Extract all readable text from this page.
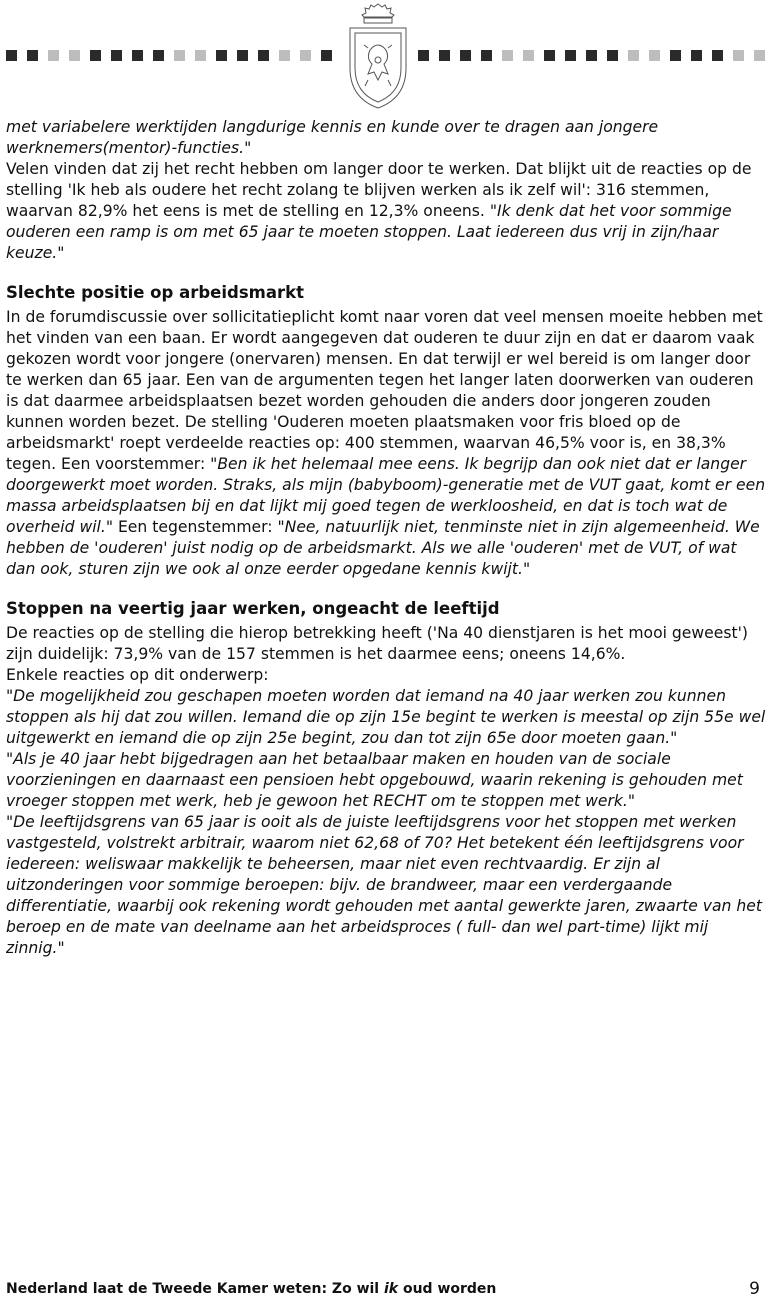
met variabelere werktijden langdurige kennis en kunde over te dragen aan jongere werknemers(mentor)-functies."

Velen vinden dat zij het recht hebben om langer door te werken. Dat blijkt uit de reacties op de stelling 'Ik heb als oudere het recht zolang te blijven werken als ik zelf wil': 316 stemmen, waarvan 82,9% het eens is met de stelling en 12,3% oneens. "Ik denk dat het voor sommige ouderen een ramp is om met 65 jaar te moeten stoppen. Laat iedereen dus vrij in zijn/haar keuze."

Slechte positie op arbeidsmarkt

In de forumdiscussie over sollicitatieplicht komt naar voren dat veel mensen moeite hebben met het vinden van een baan. Er wordt aangegeven dat ouderen te duur zijn en dat er daarom vaak gekozen wordt voor jongere (onervaren) mensen. En dat terwijl er wel bereid is om langer door te werken dan 65 jaar. Een van de argumenten tegen het langer laten doorwerken van ouderen is dat daarmee arbeidsplaatsen bezet worden gehouden die anders door jongeren zouden kunnen worden bezet. De stelling 'Ouderen moeten plaatsmaken voor fris bloed op de arbeidsmarkt' roept verdeelde reacties op: 400 stemmen, waarvan 46,5% voor is, en 38,3% tegen. Een voorstemmer: "Ben ik het helemaal mee eens. Ik begrijp dan ook niet dat er langer doorgewerkt moet worden. Straks, als mijn (babyboom)-generatie met de VUT gaat, komt er een massa arbeidsplaatsen bij en dat lijkt mij goed tegen de werkloosheid, en dat is toch wat de overheid wil." Een tegenstemmer: "Nee, natuurlijk niet, tenminste niet in zijn algemeenheid. We hebben de 'ouderen' juist nodig op de arbeidsmarkt. Als we alle 'ouderen' met de VUT, of wat dan ook, sturen zijn we ook al onze eerder opgedane kennis kwijt."

Stoppen na veertig jaar werken, ongeacht de leeftijd

De reacties op de stelling die hierop betrekking heeft ('Na 40 dienstjaren is het mooi geweest') zijn duidelijk: 73,9% van de 157 stemmen is het daarmee eens; oneens 14,6%.

Enkele reacties op dit onderwerp:

"De mogelijkheid zou geschapen moeten worden dat iemand na 40 jaar werken zou kunnen stoppen als hij dat zou willen. Iemand die op zijn 15e begint te werken is meestal op zijn 55e wel uitgewerkt en iemand die op zijn 25e begint, zou dan tot zijn 65e door moeten gaan."

"Als je 40 jaar hebt bijgedragen aan het betaalbaar maken en houden van de sociale voorzieningen en daarnaast een pensioen hebt opgebouwd, waarin rekening is gehouden met vroeger stoppen met werk, heb je gewoon het RECHT om te stoppen met werk."

"De leeftijdsgrens van 65 jaar is ooit als de juiste leeftijdsgrens voor het stoppen met werken vastgesteld, volstrekt arbitrair, waarom niet 62,68 of 70? Het betekent één leeftijdsgrens voor iedereen: weliswaar makkelijk te beheersen, maar niet even rechtvaardig. Er zijn al uitzonderingen voor sommige beroepen: bijv. de brandweer, maar een verdergaande differentiatie, waarbij ook rekening wordt gehouden met aantal gewerkte jaren, zwaarte van het beroep en de mate van deelname aan het arbeidsproces ( full- dan wel part-time) lijkt mij zinnig."

Nederland laat de Tweede Kamer weten: Zo wil ik oud worden	9
